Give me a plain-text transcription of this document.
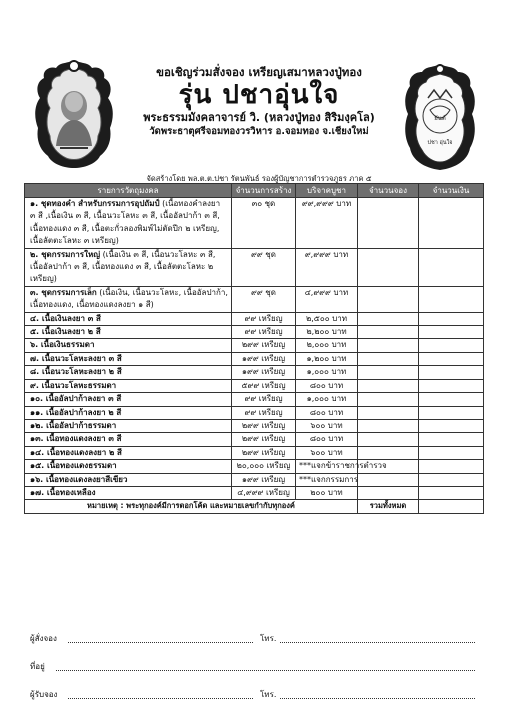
ขอเชิญร่วมสั่งจอง เหรียญเสมาหลวงปู่ทอง
รุ่น ปชาอุ่นใจ
พระธรรมมังคลาจารย์ วิ. (หลวงปู่ทอง สิริมงฺคโล)
วัดพระธาตุศรีจอมทองวรวิหาร อ.จอมทอง จ.เชียงใหม่
ยันต์
ปชา อุ่นใจ
จัดสร้างโดย พล.ต.ต.ปชา รัตนพันธ์ รองผู้บัญชาการตำรวจภูธร ภาค ๕
รายการวัตถุมงคล	จำนวนการสร้าง	บริจาคบูชา	จำนวนจอง	จำนวนเงิน
๑. ชุดทองคำ สำหรับกรรมการอุปถัมป์ (เนื้อทองคำลงยา ๓ สี ,เนื้อเงิน ๓ สี, เนื้อนวะโลหะ ๓ สี, เนื้ออัลปาก้า ๓ สี, เนื้อทองแดง ๓ สี, เนื้อตะกั่วลองพิมพ์ไม่ตัดปีก ๒ เหรียญ, เนื้อลัตตะโลหะ ๓ เหรียญ)	๓๐ ชุด	๙๙,๙๙๙ บาท		
๒. ชุดกรรมการใหญ่ (เนื้อเงิน ๓ สี, เนื้อนวะโลหะ ๓ สี, เนื้ออัลปาก้า ๓ สี, เนื้อทองแดง ๓ สี, เนื้อลัตตะโลหะ ๒ เหรียญ)	๙๙ ชุด	๙,๙๙๙ บาท		
๓. ชุดกรรมการเล็ก (เนื้อเงิน, เนื้อนวะโลหะ, เนื้ออัลปาก้า, เนื้อทองแดง, เนื้อทองแดงลงยา ๑ สี)	๙๙ ชุด	๔,๙๙๙ บาท		
๔. เนื้อเงินลงยา ๓ สี	๙๙ เหรียญ	๒,๕๐๐ บาท		
๕. เนื้อเงินลงยา ๒ สี	๙๙ เหรียญ	๒,๒๐๐ บาท		
๖. เนื้อเงินธรรมดา	๒๙๙ เหรียญ	๒,๐๐๐ บาท		
๗. เนื้อนวะโลหะลงยา ๓ สี	๑๙๙ เหรียญ	๑,๒๐๐ บาท		
๘. เนื้อนวะโลหะลงยา ๒ สี	๑๙๙ เหรียญ	๑,๐๐๐ บาท		
๙. เนื้อนวะโลหะธรรมดา	๕๙๙ เหรียญ	๘๐๐ บาท		
๑๐. เนื้ออัลปาก้าลงยา ๓ สี	๙๙ เหรียญ	๑,๐๐๐ บาท		
๑๑. เนื้ออัลปาก้าลงยา ๒ สี	๙๙ เหรียญ	๘๐๐ บาท		
๑๒. เนื้ออัลปาก้าธรรมดา	๒๙๙ เหรียญ	๖๐๐ บาท		
๑๓. เนื้อทองแดงลงยา ๓ สี	๒๙๙ เหรียญ	๘๐๐ บาท		
๑๔. เนื้อทองแดงลงยา ๒ สี	๒๙๙ เหรียญ	๖๐๐ บาท		
๑๕. เนื้อทองแดงธรรมดา	๒๐,๐๐๐ เหรียญ	***แจกข้าราชการตำรวจ		
๑๖. เนื้อทองแดงลงยาสีเขียว	๑๙๙ เหรียญ	***แจกกรรมการ		
๑๗. เนื้อทองเหลือง	๔,๙๙๙ เหรียญ	๒๐๐ บาท		
หมายเหตุ : พระทุกองค์มีการตอกโค้ด และหมายเลขกำกับทุกองค์			รวมทั้งหมด	
ผู้สั่งจอง	โทร.
ที่อยู่
ผู้รับจอง	โทร.
